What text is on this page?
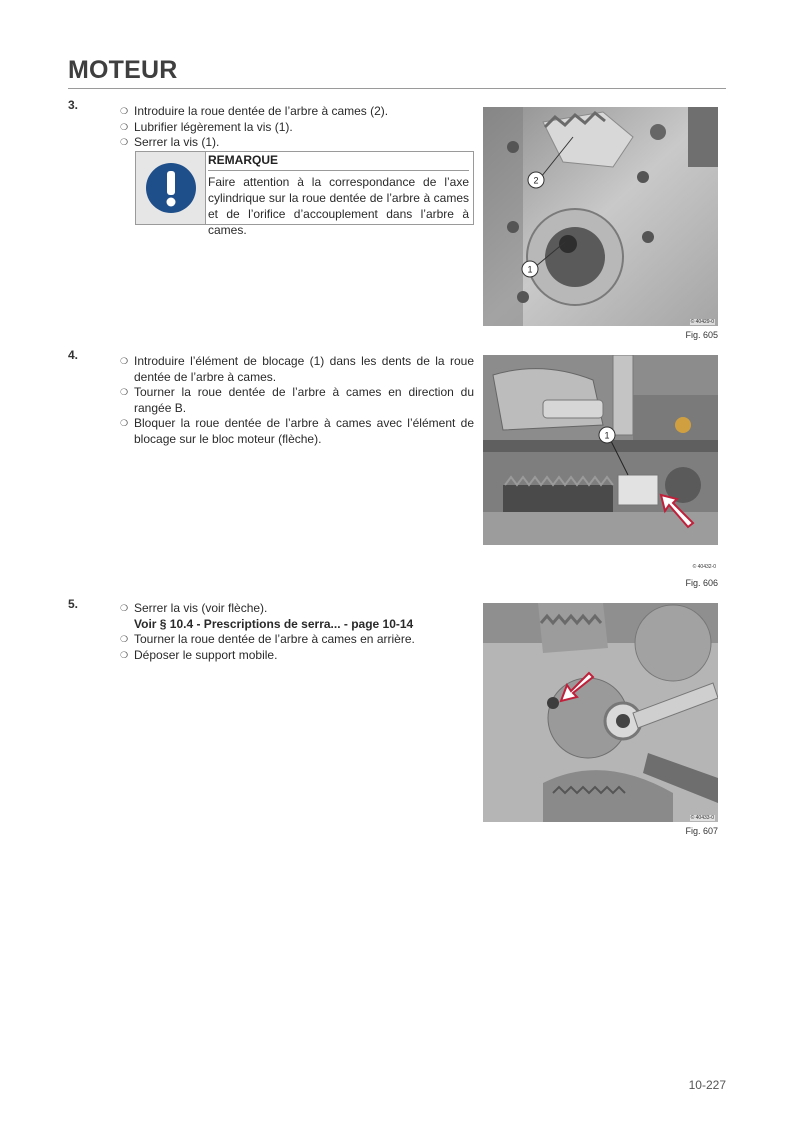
MOTEUR
3.	❍ Introduire la roue dentée de l’arbre à cames (2).
❍ Lubrifier légèrement la vis (1).
❍ Serrer la vis (1).
REMARQUE
Faire attention à la correspondance de l’axe cylindrique sur la roue dentée de l’arbre à cames et de l’orifice d’accouplement dans l’arbre à cames.
2
1
© 40429-0
Fig. 605
4.	❍ Introduire l’élément de blocage (1) dans les dents de la roue dentée de l’arbre à cames.
❍ Tourner la roue dentée de l’arbre à cames en direction du rangée B.
❍ Bloquer la roue dentée de l’arbre à cames avec l’élément de blocage sur le bloc moteur (flèche).	1
© 40432-0
Fig. 606
5.	❍ Serrer la vis (voir flèche).
Voir § 10.4 - Prescriptions de serra... - page 10-14
❍ Tourner la roue dentée de l’arbre à cames en arrière.
❍ Déposer le support mobile.
© 40433-0
Fig. 607
10-227
